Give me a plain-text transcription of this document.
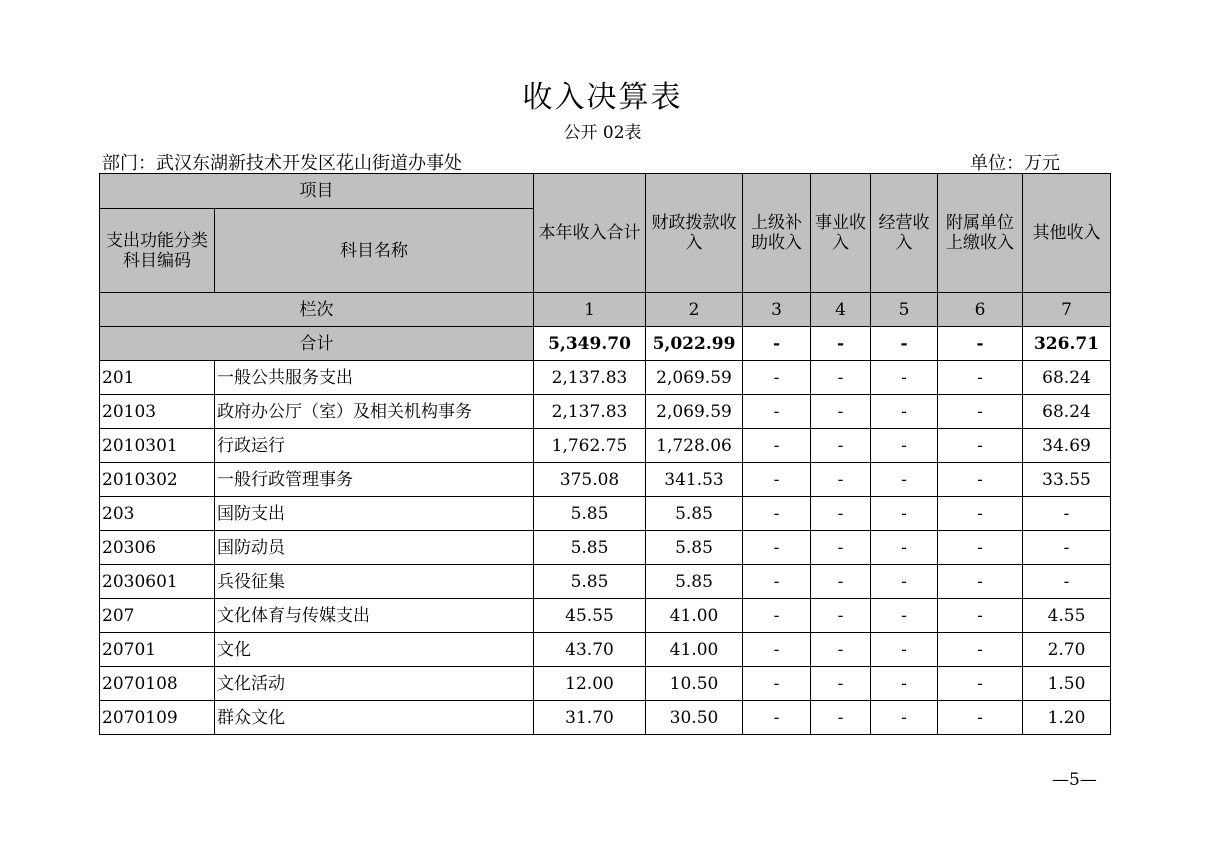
收入决算表
公开 02表
部门：武汉东湖新技术开发区花山街道办事处	单位：万元
项目		本年收入合计	财政拨款收入	上级补助收入	事业收入	经营收入	附属单位上缴收入	其他收入
支出功能分类科目编码	科目名称							
栏次		1	2	3	4	5	6	7
合计		5,349.70	5,022.99	-	-	-	-	326.71
201	一般公共服务支出	2,137.83	2,069.59	-	-	-	-	68.24
20103	政府办公厅（室）及相关机构事务	2,137.83	2,069.59	-	-	-	-	68.24
2010301	行政运行	1,762.75	1,728.06	-	-	-	-	34.69
2010302	一般行政管理事务	375.08	341.53	-	-	-	-	33.55
203	国防支出	5.85	5.85	-	-	-	-	-
20306	国防动员	5.85	5.85	-	-	-	-	-
2030601	兵役征集	5.85	5.85	-	-	-	-	-
207	文化体育与传媒支出	45.55	41.00	-	-	-	-	4.55
20701	文化	43.70	41.00	-	-	-	-	2.70
2070108	文化活动	12.00	10.50	-	-	-	-	1.50
2070109	群众文化	31.70	30.50	-	-	-	-	1.20
—5—
